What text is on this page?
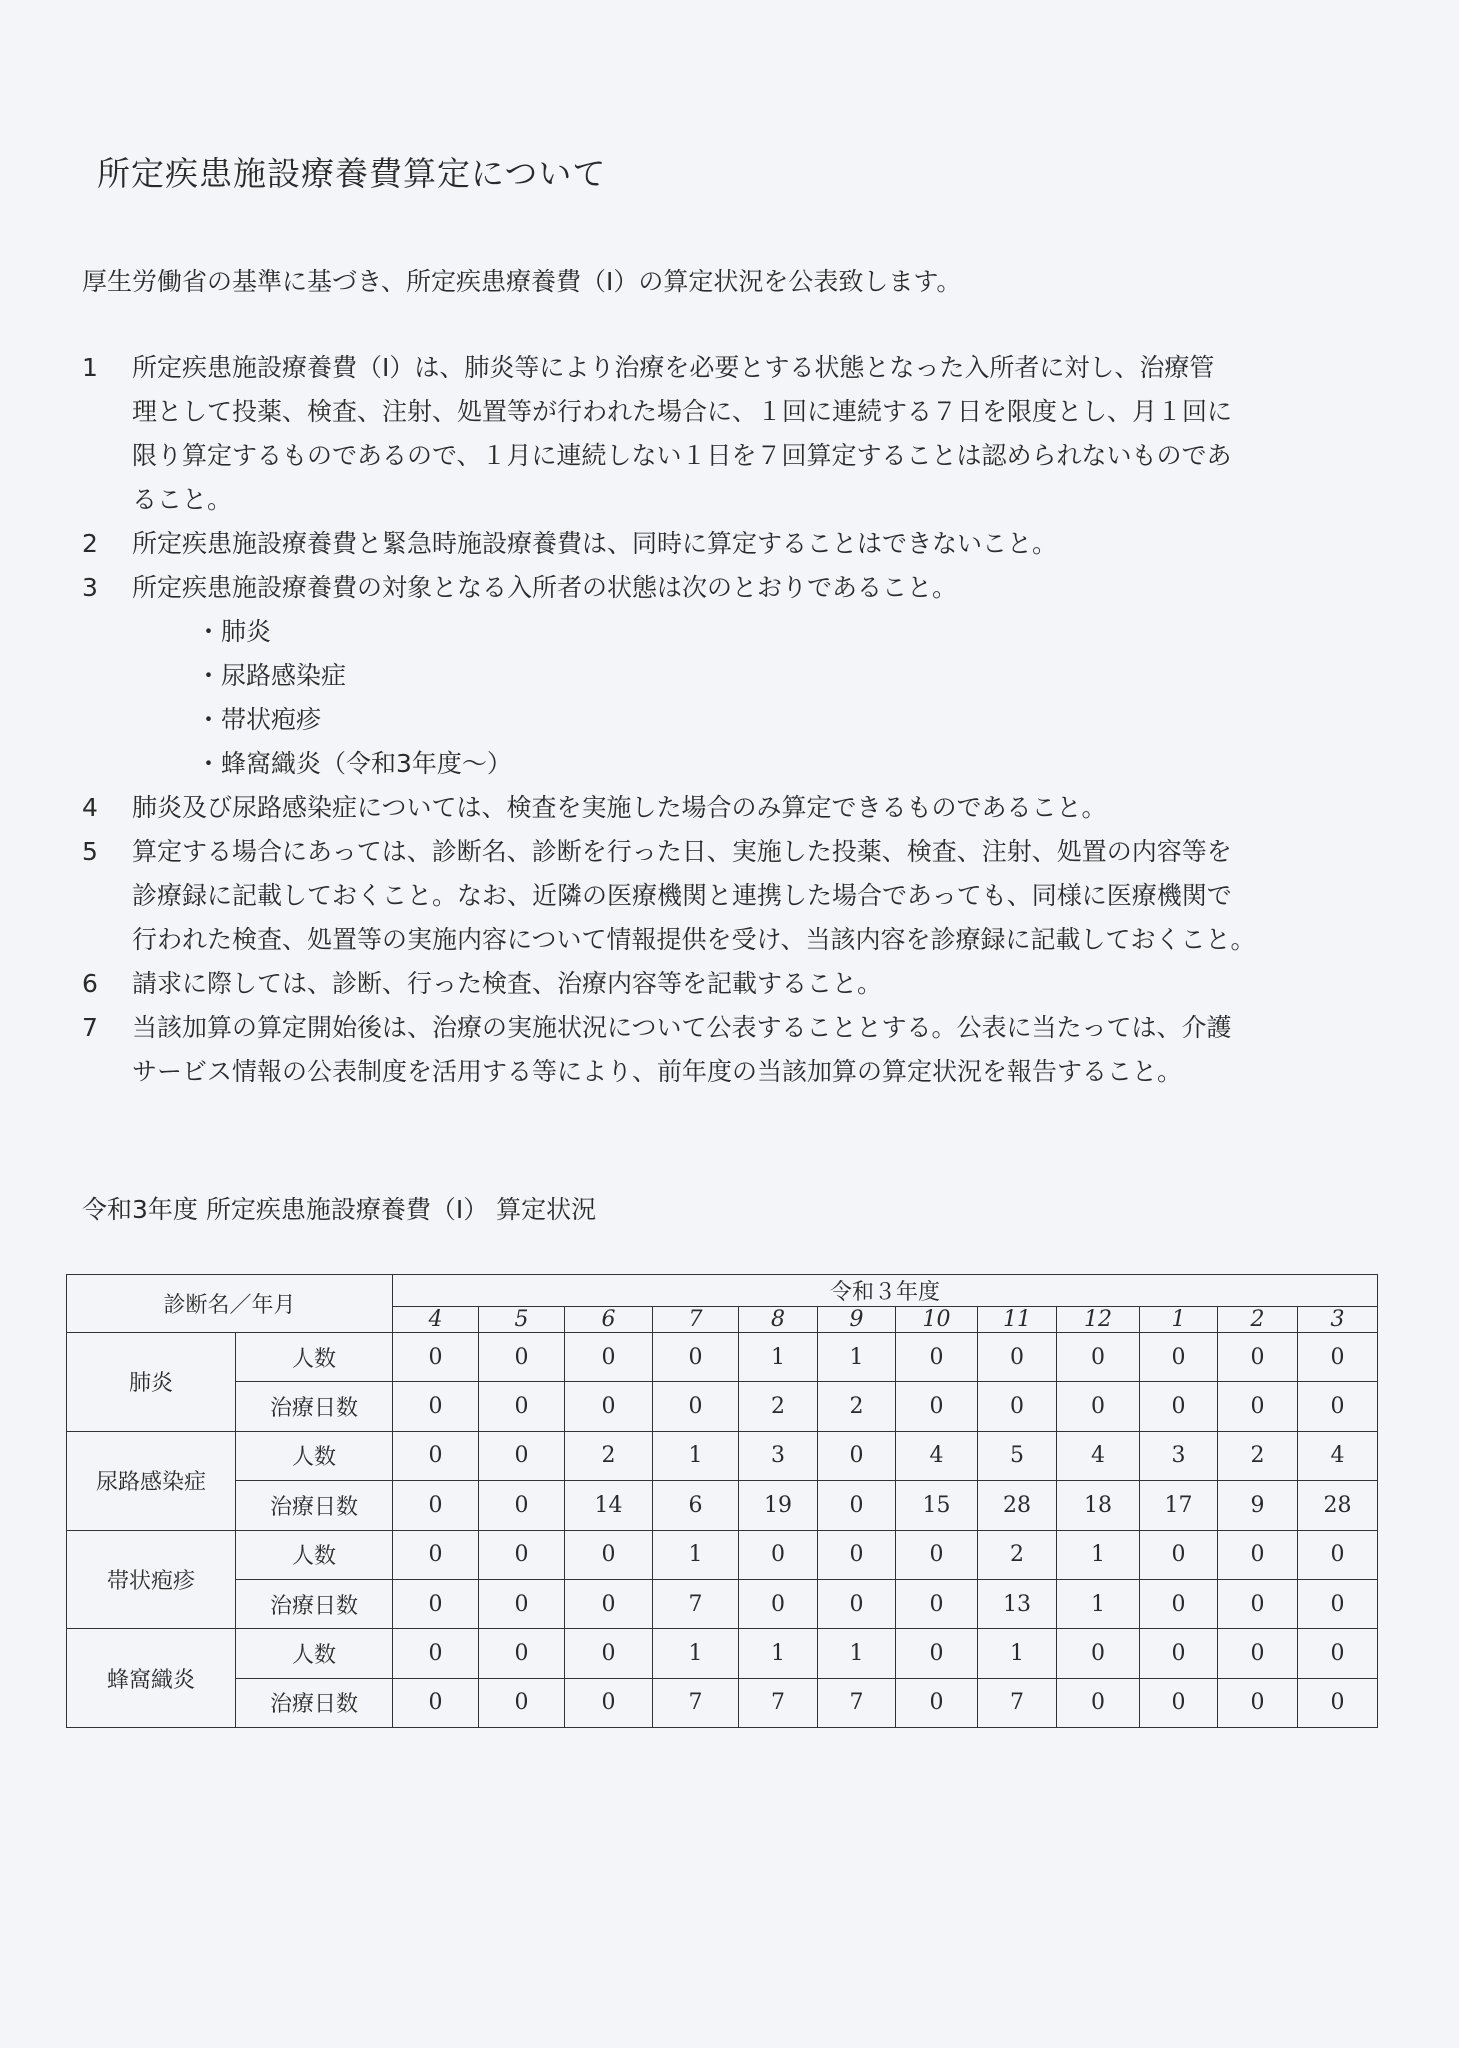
所定疾患施設療養費算定について
厚生労働省の基準に基づき、所定疾患療養費（Ⅰ）の算定状況を公表致します。
1	所定疾患施設療養費（Ⅰ）は、肺炎等により治療を必要とする状態となった入所者に対し、治療管
理として投薬、検査、注射、処置等が行われた場合に、１回に連続する７日を限度とし、月１回に
限り算定するものであるので、１月に連続しない１日を７回算定することは認められないものであ
ること。
2	所定疾患施設療養費と緊急時施設療養費は、同時に算定することはできないこと。
3	所定疾患施設療養費の対象となる入所者の状態は次のとおりであること。
・肺炎
・尿路感染症
・帯状疱疹
・蜂窩織炎（令和3年度～）
4	肺炎及び尿路感染症については、検査を実施した場合のみ算定できるものであること。
5	算定する場合にあっては、診断名、診断を行った日、実施した投薬、検査、注射、処置の内容等を
診療録に記載しておくこと。なお、近隣の医療機関と連携した場合であっても、同様に医療機関で
行われた検査、処置等の実施内容について情報提供を受け、当該内容を診療録に記載しておくこと。
6	請求に際しては、診断、行った検査、治療内容等を記載すること。
7	当該加算の算定開始後は、治療の実施状況について公表することとする。公表に当たっては、介護
サービス情報の公表制度を活用する等により、前年度の当該加算の算定状況を報告すること。
令和3年度 所定疾患施設療養費（Ⅰ） 算定状況
診断名／年月		令和３年度											
		4	5	6	7	8	9	10	11	12	1	2	3
肺炎	人数	0	0	0	0	1	1	0	0	0	0	0	0
	治療日数	0	0	0	0	2	2	0	0	0	0	0	0
尿路感染症	人数	0	0	2	1	3	0	4	5	4	3	2	4
	治療日数	0	0	14	6	19	0	15	28	18	17	9	28
帯状疱疹	人数	0	0	0	1	0	0	0	2	1	0	0	0
	治療日数	0	0	0	7	0	0	0	13	1	0	0	0
蜂窩織炎	人数	0	0	0	1	1	1	0	1	0	0	0	0
	治療日数	0	0	0	7	7	7	0	7	0	0	0	0
